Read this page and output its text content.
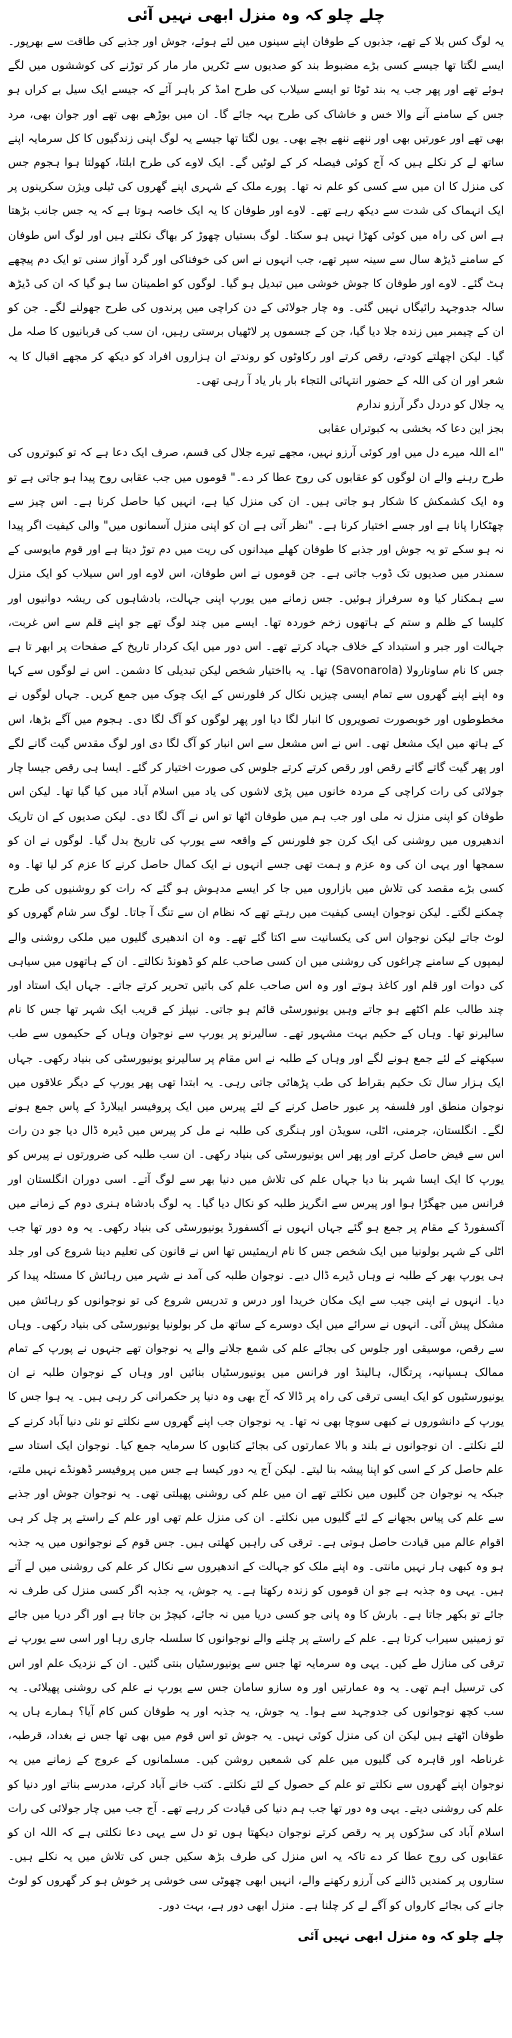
چلے چلو کہ وہ منزل ابھی نہیں آئی

یہ لوگ کس بلا کے تھے، جذبوں کے طوفان اپنے سینوں میں لئے ہوئے، جوش اور جذبے کی طاقت سے بھرپور۔ ایسے لگتا تھا جیسے کسی بڑے مضبوط بند کو صدیوں سے ٹکریں مار مار کر توڑنے کی کوششوں میں لگے ہوئے تھے اور پھر جب یہ بند ٹوٹا تو ایسے سیلاب کی طرح امڈ کر باہر آئے کہ جیسے ایک سیل بے کراں ہو جس کے سامنے آنے والا خس و خاشاک کی طرح بہہ جائے گا۔ ان میں بوڑھے بھی تھے اور جوان بھی، مرد بھی تھے اور عورتیں بھی اور ننھے ننھے بچے بھی۔ یوں لگتا تھا جیسے یہ لوگ اپنی زندگیوں کا کل سرمایہ اپنے ساتھ لے کر نکلے ہیں کہ آج کوئی فیصلہ کر کے لوٹیں گے۔ ایک لاوے کی طرح ابلتا، کھولتا ہوا ہجوم جس کی منزل کا ان میں سے کسی کو علم نہ تھا۔ پورے ملک کے شہری اپنے گھروں کی ٹیلی ویژن سکرینوں پر ایک انہماک کی شدت سے دیکھ رہے تھے۔ لاوے اور طوفان کا یہ ایک خاصہ ہوتا ہے کہ یہ جس جانب بڑھتا ہے اس کی راہ میں کوئی کھڑا نہیں ہو سکتا۔ لوگ بستیاں چھوڑ کر بھاگ نکلتے ہیں اور لوگ اس طوفان کے سامنے ڈیڑھ سال سے سینہ سپر تھے، جب انہوں نے اس کی خوفناکی اور گرد آواز سنی تو ایک دم پیچھے ہٹ گئے۔ لاوے اور طوفان کا جوش خوشی میں تبدیل ہو گیا۔ لوگوں کو اطمینان سا ہو گیا کہ ان کی ڈیڑھ سالہ جدوجہد رائیگاں نہیں گئی۔ وہ چار جولائی کے دن کراچی میں پرندوں کی طرح جھولنے لگے۔ جن کو ان کے چیمبر میں زندہ جلا دیا گیا، جن کے جسموں پر لاٹھیاں برستی رہیں، ان سب کی قربانیوں کا صلہ مل گیا۔ لیکن اچھلتے کودتے، رقص کرتے اور رکاوٹوں کو روندتے ان ہزاروں افراد کو دیکھ کر مجھے اقبال کا یہ شعر اور ان کی اللہ کے حضور انتہائی التجاء بار بار یاد آ رہی تھی۔

یہ جلال کو دردل دگر آرزو ندارم

بجز این دعا کہ بخشی بہ کبوتراں عقابی

"اے اللہ میرے دل میں اور کوئی آرزو نہیں، مجھے تیرے جلال کی قسم، صرف ایک دعا ہے کہ تو کبوتروں کی طرح رہنے والے ان لوگوں کو عقابوں کی روح عطا کر دے۔" قوموں میں جب عقابی روح پیدا ہو جاتی ہے تو وہ ایک کشمکش کا شکار ہو جاتی ہیں۔ ان کی منزل کیا ہے، انہیں کیا حاصل کرنا ہے۔ اس چیز سے چھٹکارا پانا ہے اور جسے اختیار کرنا ہے۔ "نظر آتی ہے ان کو اپنی منزل آسمانوں میں" والی کیفیت اگر پیدا نہ ہو سکے تو یہ جوش اور جذبے کا طوفان کھلے میدانوں کی ریت میں دم توڑ دیتا ہے اور قوم مایوسی کے سمندر میں صدیوں تک ڈوب جاتی ہے۔ جن قوموں نے اس طوفان، اس لاوے اور اس سیلاب کو ایک منزل سے ہمکنار کیا وہ سرفراز ہوئیں۔ جس زمانے میں یورپ اپنی جہالت، بادشاہوں کی ریشہ دوانیوں اور کلیسا کے ظلم و ستم کے ہاتھوں زخم خوردہ تھا۔ ایسے میں چند لوگ تھے جو اپنے قلم سے اس غربت، جہالت اور جبر و استبداد کے خلاف جہاد کرتے تھے۔ اس دور میں ایک کردار تاریخ کے صفحات پر ابھر تا ہے جس کا نام ساونارولا (Savonarola) تھا۔ یہ بااختیار شخص لیکن تبدیلی کا دشمن۔ اس نے لوگوں سے کہا وہ اپنے اپنے گھروں سے تمام ایسی چیزیں نکال کر فلورنس کے ایک چوک میں جمع کریں۔ جہاں لوگوں نے مخطوطوں اور خوبصورت تصویروں کا انبار لگا دیا اور پھر لوگوں کو آگ لگا دی۔ ہجوم میں آگے بڑھا، اس کے ہاتھ میں ایک مشعل تھی۔ اس نے اس مشعل سے اس انبار کو آگ لگا دی اور لوگ مقدس گیت گانے لگے اور پھر گیت گاتے گاتے رقص اور رقص کرتے کرتے جلوس کی صورت اختیار کر گئے۔ ایسا ہی رقص جیسا چار جولائی کی رات کراچی کے مردہ خانوں میں پڑی لاشوں کی یاد میں اسلام آباد میں کیا گیا تھا۔ لیکن اس طوفان کو اپنی منزل نہ ملی اور جب ہم میں طوفان اٹھا تو اس نے آگ لگا دی۔ لیکن صدیوں کے ان تاریک اندھیروں میں روشنی کی ایک کرن جو فلورنس کے واقعہ سے یورپ کی تاریخ بدل گیا۔ لوگوں نے ان کو سمجھا اور یہی ان کی وہ عزم و ہمت تھی جسے انہوں نے ایک کمال حاصل کرنے کا عزم کر لیا تھا۔ وہ کسی بڑے مقصد کی تلاش میں بازاروں میں جا کر ایسے مدہوش ہو گئے کہ رات کو روشنیوں کی طرح چمکنے لگتے۔ لیکن نوجوان ایسی کیفیت میں رہتے تھے کہ نظام ان سے تنگ آ جاتا۔ لوگ سر شام گھروں کو لوٹ جاتے لیکن نوجوان اس کی یکسانیت سے اکتا گئے تھے۔ وہ ان اندھیری گلیوں میں ملکی روشنی والے لیمپوں کے سامنے چراغوں کی روشنی میں ان کسی صاحب علم کو ڈھونڈ نکالتے۔ ان کے ہاتھوں میں سیاہی کی دوات اور قلم اور کاغذ ہوتے اور وہ اس صاحب علم کی باتیں تحریر کرتے جاتے۔ جہاں ایک استاد اور چند طالب علم اکٹھے ہو جاتے وہیں یونیورسٹی قائم ہو جاتی۔ نیپلز کے قریب ایک شہر تھا جس کا نام سالیرنو تھا۔ وہاں کے حکیم بہت مشہور تھے۔ سالیرنو پر یورپ سے نوجوان وہاں کے حکیموں سے طب سیکھنے کے لئے جمع ہونے لگے اور وہاں کے طلبہ نے اس مقام پر سالیرنو یونیورسٹی کی بنیاد رکھی۔ جہاں ایک ہزار سال تک حکیم بقراط کی طب پڑھائی جاتی رہی۔ یہ ابتدا تھی پھر یورپ کے دیگر علاقوں میں نوجوان منطق اور فلسفہ پر عبور حاصل کرنے کے لئے پیرس میں ایک پروفیسر ایبلارڈ کے پاس جمع ہونے لگے۔ انگلستان، جرمنی، اٹلی، سویڈن اور ہنگری کی طلبہ نے مل کر پیرس میں ڈیرہ ڈال دیا جو دن رات اس سے فیض حاصل کرتے اور پھر اس یونیورسٹی کی بنیاد رکھی۔ ان سب طلبہ کی ضرورتوں نے پیرس کو یورپ کا ایک ایسا شہر بنا دیا جہاں علم کی تلاش میں دنیا بھر سے لوگ آتے۔ اسی دوران انگلستان اور فرانس میں جھگڑا ہوا اور پیرس سے انگریز طلبہ کو نکال دیا گیا۔ یہ لوگ بادشاہ ہنری دوم کے زمانے میں آکسفورڈ کے مقام پر جمع ہو گئے جہاں انہوں نے آکسفورڈ یونیورسٹی کی بنیاد رکھی۔ یہ وہ دور تھا جب اٹلی کے شہر بولونیا میں ایک شخص جس کا نام اریمئیس تھا اس نے قانون کی تعلیم دینا شروع کی اور جلد ہی یورپ بھر کے طلبہ نے وہاں ڈیرے ڈال دیے۔ نوجوان طلبہ کی آمد نے شہر میں رہائش کا مسئلہ پیدا کر دیا۔ انہوں نے اپنی جیب سے ایک مکان خریدا اور درس و تدریس شروع کی تو نوجوانوں کو رہائش میں مشکل پیش آئی۔ انہوں نے سرائے میں ایک دوسرے کے ساتھ مل کر بولونیا یونیورسٹی کی بنیاد رکھی۔ وہاں سے رقص، موسیقی اور جلوس کی بجائے علم کی شمع جلانے والے یہ نوجوان تھے جنہوں نے پورپ کے تمام ممالک ہسپانیہ، پرتگال، ہالینڈ اور فرانس میں یونیورسٹیاں بنائیں اور وہاں کے نوجوان طلبہ نے ان یونیورسٹیوں کو ایک ایسی ترقی کی راہ پر ڈالا کہ آج بھی وہ دنیا پر حکمرانی کر رہی ہیں۔ یہ ہوا جس کا یورپ کے دانشوروں نے کبھی سوچا بھی نہ تھا۔ یہ نوجوان جب اپنے گھروں سے نکلتے تو نئی دنیا آباد کرنے کے لئے نکلتے۔ ان نوجوانوں نے بلند و بالا عمارتوں کی بجائے کتابوں کا سرمایہ جمع کیا۔ نوجوان ایک استاد سے علم حاصل کر کے اسی کو اپنا پیشہ بنا لیتے۔ لیکن آج یہ دور کیسا ہے جس میں پروفیسر ڈھونڈے نہیں ملتے، جبکہ یہ نوجوان جن گلیوں میں نکلتے تھے ان میں علم کی روشنی پھیلتی تھی۔ یہ نوجوان جوش اور جذبے سے علم کی پیاس بجھانے کے لئے گلیوں میں نکلتے۔ ان کی منزل علم تھی اور علم کے راستے پر چل کر ہی اقوام عالم میں قیادت حاصل ہوتی ہے۔ ترقی کی راہیں کھلتی ہیں۔ جس قوم کے نوجوانوں میں یہ جذبہ ہو وہ کبھی ہار نہیں مانتی۔ وہ اپنے ملک کو جہالت کے اندھیروں سے نکال کر علم کی روشنی میں لے آتے ہیں۔ یہی وہ جذبہ ہے جو ان قوموں کو زندہ رکھتا ہے۔ یہ جوش، یہ جذبہ اگر کسی منزل کی طرف نہ جائے تو بکھر جاتا ہے۔ بارش کا وہ پانی جو کسی دریا میں نہ جائے، کیچڑ بن جاتا ہے اور اگر دریا میں جائے تو زمینیں سیراب کرتا ہے۔ علم کے راستے پر چلنے والے نوجوانوں کا سلسلہ جاری رہا اور اسی سے یورپ نے ترقی کی منازل طے کیں۔ یہی وہ سرمایہ تھا جس سے یونیورسٹیاں بنتی گئیں۔ ان کے نزدیک علم اور اس کی ترسیل اہم تھی۔ یہ وہ عمارتیں اور وہ سازو سامان جس سے یورپ نے علم کی روشنی پھیلائی۔ یہ سب کچھ نوجوانوں کی جدوجہد سے ہوا۔ یہ جوش، یہ جذبہ اور یہ طوفان کس کام آیا؟ ہمارے ہاں یہ طوفان اٹھتے ہیں لیکن ان کی منزل کوئی نہیں۔ یہ جوش تو اس قوم میں بھی تھا جس نے بغداد، قرطبہ، غرناطہ اور قاہرہ کی گلیوں میں علم کی شمعیں روشن کیں۔ مسلمانوں کے عروج کے زمانے میں یہ نوجوان اپنے گھروں سے نکلتے تو علم کے حصول کے لئے نکلتے۔ کتب خانے آباد کرتے، مدرسے بناتے اور دنیا کو علم کی روشنی دیتے۔ یہی وہ دور تھا جب ہم دنیا کی قیادت کر رہے تھے۔ آج جب میں چار جولائی کی رات اسلام آباد کی سڑکوں پر یہ رقص کرتے نوجوان دیکھتا ہوں تو دل سے یہی دعا نکلتی ہے کہ اللہ ان کو عقابوں کی روح عطا کر دے تاکہ یہ اس منزل کی طرف بڑھ سکیں جس کی تلاش میں یہ نکلے ہیں۔ ستاروں پر کمندیں ڈالنے کی آرزو رکھنے والے، انہیں ابھی چھوٹی سی خوشی پر خوش ہو کر گھروں کو لوٹ جانے کی بجائے کارواں کو آگے لے کر چلنا ہے۔ منزل ابھی دور ہے، بہت دور۔

چلے چلو کہ وہ منزل ابھی نہیں آئی
